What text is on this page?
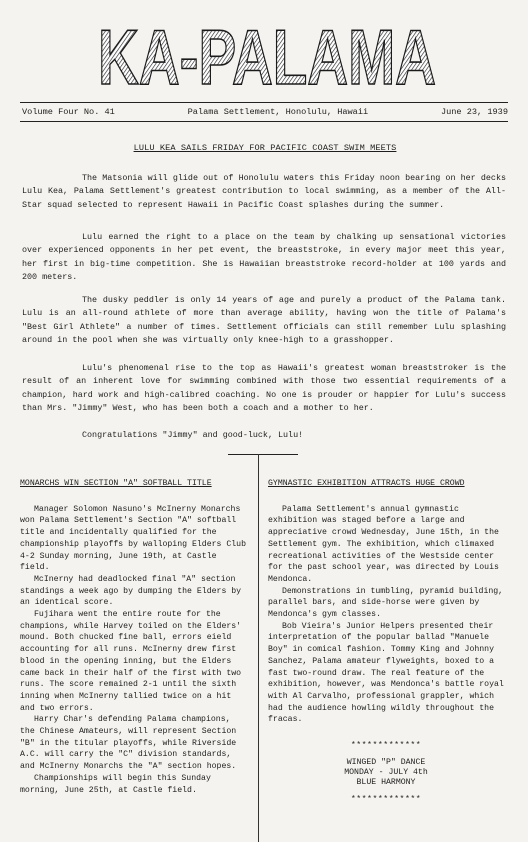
KA-PALAMA
Volume Four No. 41	Palama Settlement, Honolulu, Hawaii	June 23, 1939
LULU KEA SAILS FRIDAY FOR PACIFIC COAST SWIM MEETS

The Matsonia will glide out of Honolulu waters this Friday noon bearing on her decks Lulu Kea, Palama Settlement's greatest contribution to local swimming, as a member of the All-Star squad selected to represent Hawaii in Pacific Coast splashes during the summer.

Lulu earned the right to a place on the team by chalking up sensational victories over experienced opponents in her pet event, the breaststroke, in every major meet this year, her first in big-time competition. She is Hawaiian breaststroke record-holder at 100 yards and 200 meters.

The dusky peddler is only 14 years of age and purely a product of the Palama tank. Lulu is an all-round athlete of more than average ability, having won the title of Palama's "Best Girl Athlete" a number of times. Settlement officials can still remember Lulu splashing around in the pool when she was virtually only knee-high to a grasshopper.

Lulu's phenomenal rise to the top as Hawaii's greatest woman breaststroker is the result of an inherent love for swimming combined with those two essential requirements of a champion, hard work and high-calibred coaching. No one is prouder or happier for Lulu's success than Mrs. "Jimmy" West, who has been both a coach and a mother to her.

Congratulations "Jimmy" and good-luck, Lulu!
MONARCHS WIN SECTION "A" SOFTBALL TITLE

Manager Solomon Nasuno's McInerny Monarchs won Palama Settlement's Section "A" softball title and incidentally qualified for the championship playoffs by walloping Elders Club 4-2 Sunday morning, June 19th, at Castle field.

McInerny had deadlocked final "A" section standings a week ago by dumping the Elders by an identical score.

Fujihara went the entire route for the champions, while Harvey toiled on the Elders' mound. Both chucked fine ball, errors eield accounting for all runs. McInerny drew first blood in the opening inning, but the Elders came back in their half of the first with two runs. The score remained 2-1 until the sixth inning when McInerny tallied twice on a hit and two errors.

Harry Char's defending Palama champions, the Chinese Amateurs, will represent Section "B" in the titular playoffs, while Riverside A.C. will carry the "C" division standards, and McInerny Monarchs the "A" section hopes.

Championships will begin this Sunday morning, June 25th, at Castle field.

GYMNASTIC EXHIBITION ATTRACTS HUGE CROWD

Palama Settlement's annual gymnastic exhibition was staged before a large and appreciative crowd Wednesday, June 15th, in the Settlement gym. The exhibition, which climaxed recreational activities of the Westside center for the past school year, was directed by Louis Mendonca.

Demonstrations in tumbling, pyramid building, parallel bars, and side-horse were given by Mendonca's gym classes.

Bob Vieira's Junior Helpers presented their interpretation of the popular ballad "Manuele Boy" in comical fashion. Tommy King and Johnny Sanchez, Palama amateur flyweights, boxed to a fast two-round draw. The real feature of the exhibition, however, was Mendonca's battle royal with Al Carvalho, professional grappler, which had the audience howling wildly throughout the fracas.

*************
WINGED "P" DANCE
MONDAY - JULY 4th
BLUE HARMONY
*************
